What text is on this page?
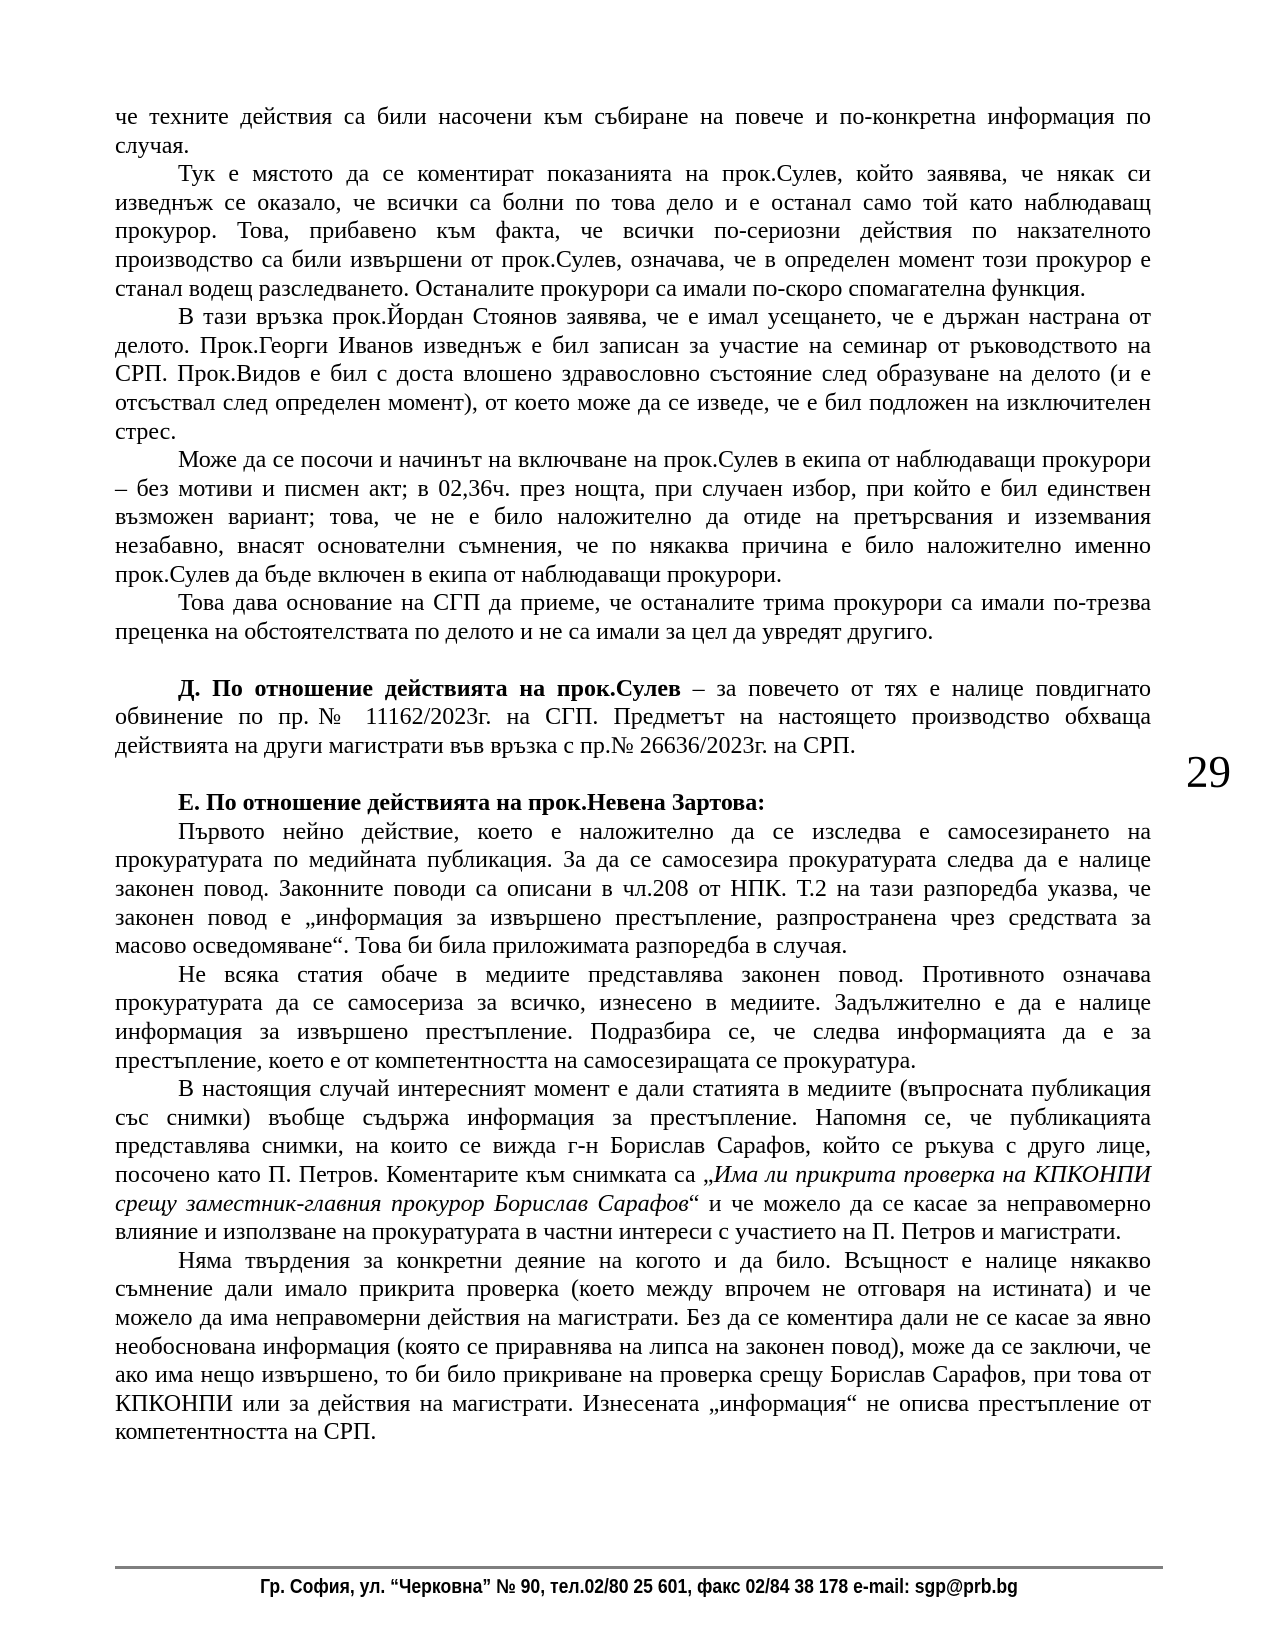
че техните действия са били насочени към събиране на повече и по-конкретна информация по случая.

Тук е мястото да се коментират показанията на прок.Сулев, който заявява, че някак си изведнъж се оказало, че всички са болни по това дело и е останал само той като наблюдаващ прокурор. Това, прибавено към факта, че всички по-сериозни действия по накзателното производство са били извършени от прок.Сулев, означава, че в определен момент този прокурор е станал водещ разследването. Останалите прокурори са имали по-скоро спомагателна функция.

В тази връзка прок.Йордан Стоянов заявява, че е имал усещането, че е държан настрана от делото. Прок.Георги Иванов изведнъж е бил записан за участие на семинар от ръководството на СРП. Прок.Видов е бил с доста влошено здравословно състояние след образуване на делото (и е отсъствал след определен момент), от което може да се изведе, че е бил подложен на изключителен стрес.

Може да се посочи и начинът на включване на прок.Сулев в екипа от наблюдаващи прокурори – без мотиви и писмен акт; в 02,36ч. през нощта, при случаен избор, при който е бил единствен възможен вариант; това, че не е било наложително да отиде на претърсвания и изземвания незабавно, внасят основателни съмнения, че по някаква причина е било наложително именно прок.Сулев да бъде включен в екипа от наблюдаващи прокурори.

Това дава основание на СГП да приеме, че останалите трима прокурори са имали по-трезва преценка на обстоятелствата по делото и не са имали за цел да увредят другиго.

Д. По отношение действията на прок.Сулев – за повечето от тях е налице повдигнато обвинение по пр.№ 11162/2023г. на СГП. Предметът на настоящето производство обхваща действията на други магистрати във връзка с пр.№ 26636/2023г. на СРП.

Е. По отношение действията на прок.Невена Зартова:

Първото нейно действие, което е наложително да се изследва е самосезирането на прокуратурата по медийната публикация. За да се самосезира прокуратурата следва да е налице законен повод. Законните поводи са описани в чл.208 от НПК. Т.2 на тази разпоредба указва, че законен повод е „информация за извършено престъпление, разпространена чрез средствата за масово осведомяване“. Това би била приложимата разпоредба в случая.

Не всяка статия обаче в медиите представлява законен повод. Противното означава прокуратурата да се самосериза за всичко, изнесено в медиите. Задължително е да е налице информация за извършено престъпление. Подразбира се, че следва информацията да е за престъпление, което е от компетентността на самосезиращата се прокуратура.

В настоящия случай интересният момент е дали статията в медиите (въпросната публикация със снимки) въобще съдържа информация за престъпление. Напомня се, че публикацията представлява снимки, на които се вижда г-н Борислав Сарафов, който се ръкува с друго лице, посочено като П. Петров. Коментарите към снимката са „Има ли прикрита проверка на КПКОНПИ срещу заместник-главния прокурор Борислав Сарафов“ и че можело да се касае за неправомерно влияние и използване на прокуратурата в частни интереси с участието на П. Петров и магистрати.

Няма твърдения за конкретни деяние на когото и да било. Всъщност е налице някакво съмнение дали имало прикрита проверка (което между впрочем не отговаря на истината) и че можело да има неправомерни действия на магистрати. Без да се коментира дали не се касае за явно необоснована информация (която се приравнява на липса на законен повод), може да се заключи, че ако има нещо извършено, то би било прикриване на проверка срещу Борислав Сарафов, при това от КПКОНПИ или за действия на магистрати. Изнесената „информация“ не описва престъпление от компетентността на СРП.

29
Гр. София, ул. “Черковна” № 90, тел.02/80 25 601, факс 02/84 38 178 e-mail: sgp@prb.bg
